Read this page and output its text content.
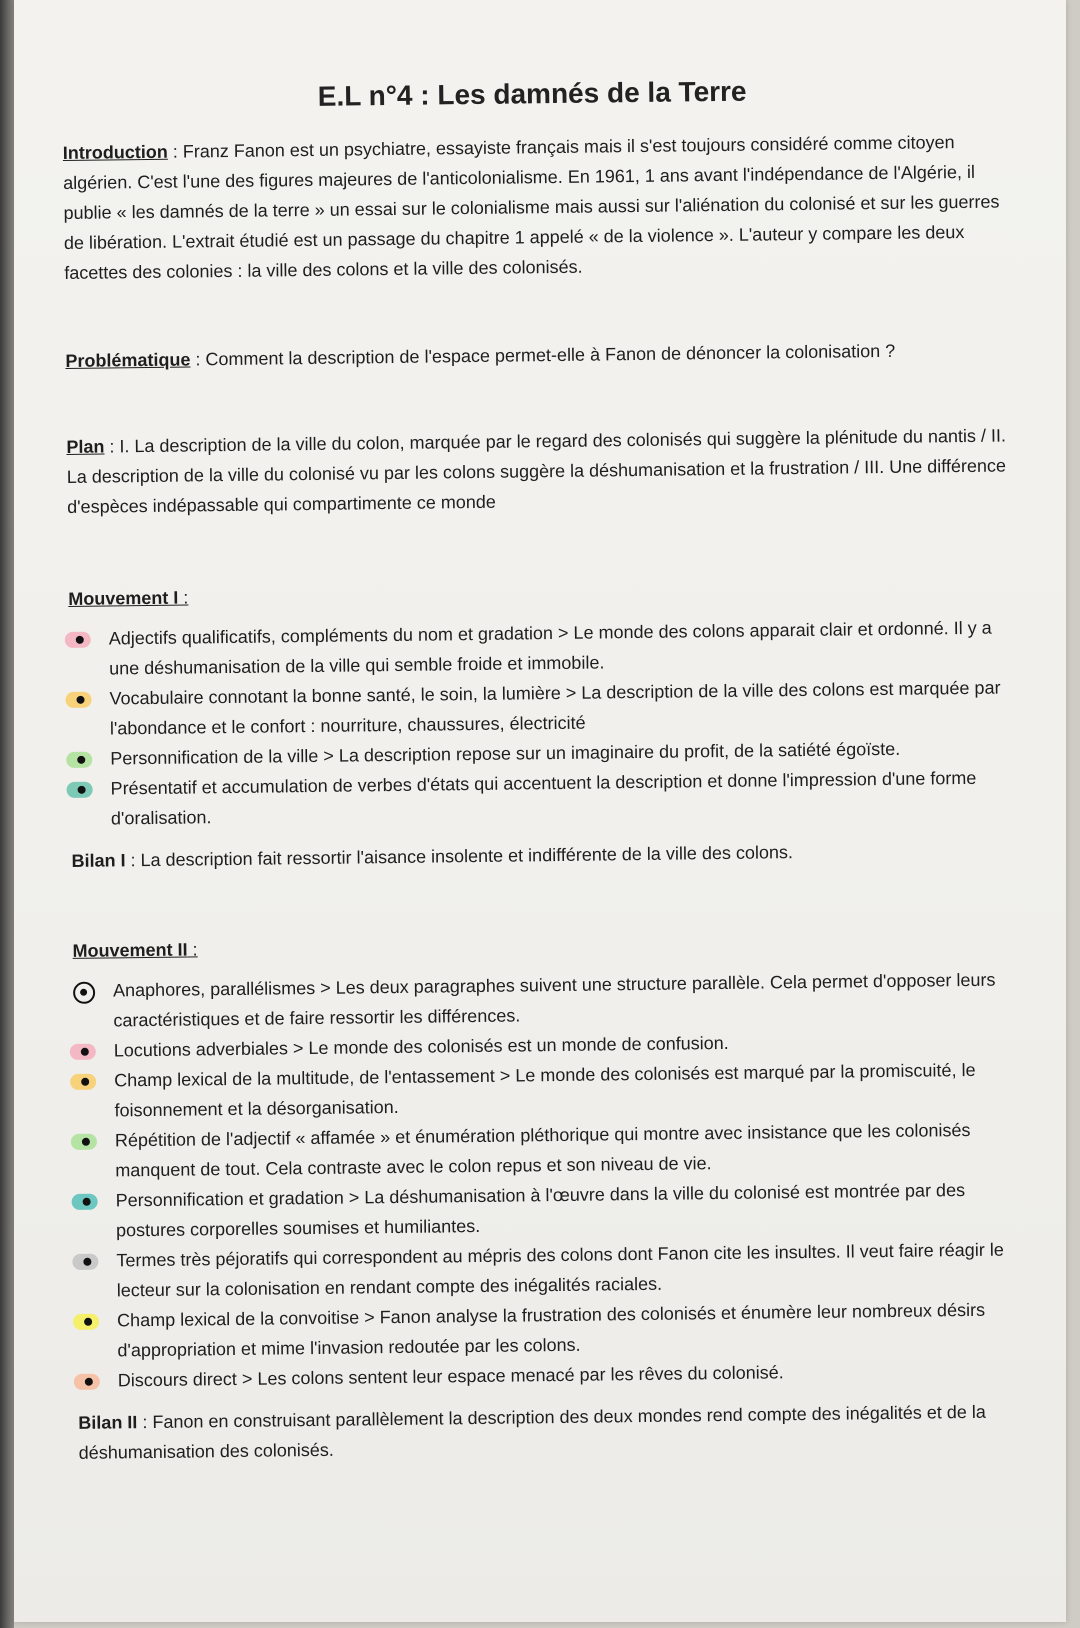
E.L n°4 : Les damnés de la Terre

Introduction : Franz Fanon est un psychiatre, essayiste français mais il s'est toujours considéré comme citoyen algérien. C'est l'une des figures majeures de l'anticolonialisme. En 1961, 1 ans avant l'indépendance de l'Algérie, il publie « les damnés de la terre » un essai sur le colonialisme mais aussi sur l'aliénation du colonisé et sur les guerres de libération. L'extrait étudié est un passage du chapitre 1 appelé « de la violence ». L'auteur y compare les deux facettes des colonies : la ville des colons et la ville des colonisés.

Problématique : Comment la description de l'espace permet-elle à Fanon de dénoncer la colonisation ?

Plan : I. La description de la ville du colon, marquée par le regard des colonisés qui suggère la plénitude du nantis / II. La description de la ville du colonisé vu par les colons suggère la déshumanisation et la frustration / III. Une différence d'espèces indépassable qui compartimente ce monde

Mouvement I :
Adjectifs qualificatifs, compléments du nom et gradation > Le monde des colons apparait clair et ordonné. Il y a une déshumanisation de la ville qui semble froide et immobile.
Vocabulaire connotant la bonne santé, le soin, la lumière > La description de la ville des colons est marquée par l'abondance et le confort : nourriture, chaussures, électricité
Personnification de la ville > La description repose sur un imaginaire du profit, de la satiété égoïste.
Présentatif et accumulation de verbes d'états qui accentuent la description et donne l'impression d'une forme d'oralisation.
Bilan I : La description fait ressortir l'aisance insolente et indifférente de la ville des colons.
Mouvement II :
Anaphores, parallélismes > Les deux paragraphes suivent une structure parallèle. Cela permet d'opposer leurs caractéristiques et de faire ressortir les différences.
Locutions adverbiales > Le monde des colonisés est un monde de confusion.
Champ lexical de la multitude, de l'entassement > Le monde des colonisés est marqué par la promiscuité, le foisonnement et la désorganisation.
Répétition de l'adjectif « affamée » et énumération pléthorique qui montre avec insistance que les colonisés manquent de tout. Cela contraste avec le colon repus et son niveau de vie.
Personnification et gradation > La déshumanisation à l'œuvre dans la ville du colonisé est montrée par des postures corporelles soumises et humiliantes.
Termes très péjoratifs qui correspondent au mépris des colons dont Fanon cite les insultes. Il veut faire réagir le lecteur sur la colonisation en rendant compte des inégalités raciales.
Champ lexical de la convoitise > Fanon analyse la frustration des colonisés et énumère leur nombreux désirs d'appropriation et mime l'invasion redoutée par les colons.
Discours direct > Les colons sentent leur espace menacé par les rêves du colonisé.
Bilan II : Fanon en construisant parallèlement la description des deux mondes rend compte des inégalités et de la déshumanisation des colonisés.
